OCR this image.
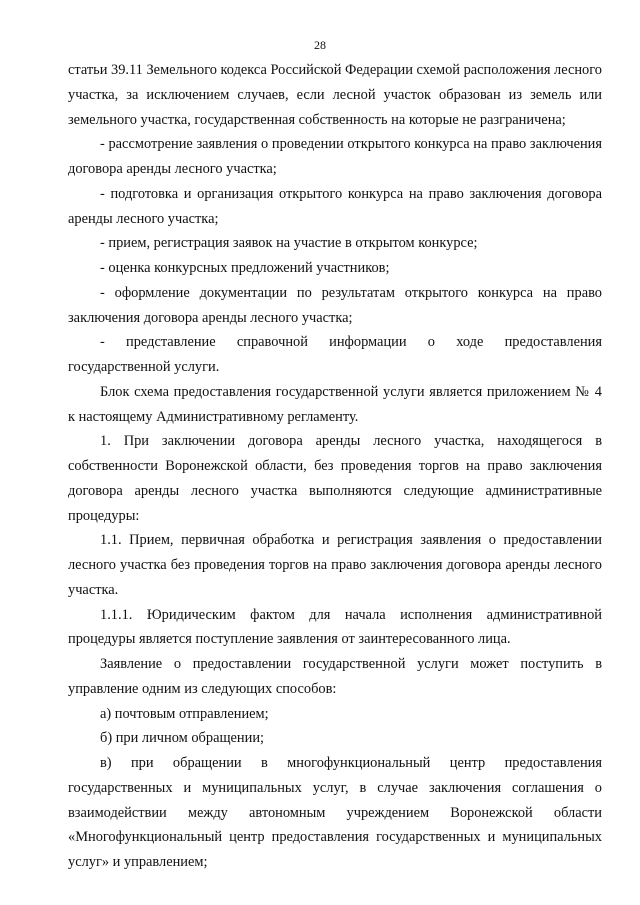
28

статьи 39.11 Земельного кодекса Российской Федерации схемой расположения лесного участка, за исключением случаев, если лесной участок образован из земель или земельного участка, государственная собственность на которые не разграничена;

- рассмотрение заявления о проведении открытого конкурса на право заключения договора аренды лесного участка;

- подготовка и организация открытого конкурса на право заключения договора аренды лесного участка;

- прием, регистрация заявок на участие в открытом конкурсе;

- оценка конкурсных предложений участников;

- оформление документации по результатам открытого конкурса на право заключения договора аренды лесного участка;

- представление справочной информации о ходе предоставления государственной услуги.

Блок схема предоставления государственной услуги является приложением № 4 к настоящему Административному регламенту.

1. При заключении договора аренды лесного участка, находящегося в собственности Воронежской области, без проведения торгов на право заключения договора аренды лесного участка выполняются следующие административные процедуры:

1.1. Прием, первичная обработка и регистрация заявления о предоставлении лесного участка без проведения торгов на право заключения договора аренды лесного участка.

1.1.1. Юридическим фактом для начала исполнения административной процедуры является поступление заявления от заинтересованного лица.

Заявление о предоставлении государственной услуги может поступить в управление одним из следующих способов:

а) почтовым отправлением;

б) при личном обращении;

в) при обращении в многофункциональный центр предоставления государственных и муниципальных услуг, в случае заключения соглашения о взаимодействии между автономным учреждением Воронежской области «Многофункциональный центр предоставления государственных и муниципальных услуг» и управлением;
